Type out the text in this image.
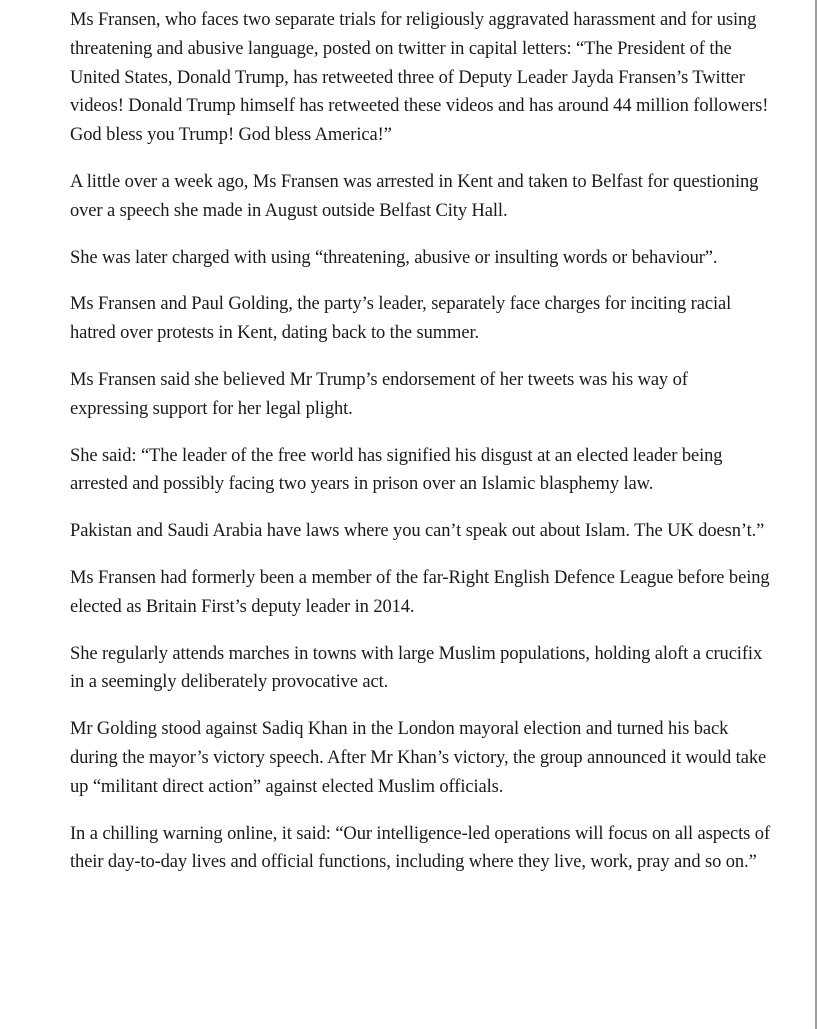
Ms Fransen, who faces two separate trials for religiously aggravated harassment and for using threatening and abusive language, posted on twitter in capital letters: “The President of the United States, Donald Trump, has retweeted three of Deputy Leader Jayda Fransen’s Twitter videos! Donald Trump himself has retweeted these videos and has around 44 million followers! God bless you Trump! God bless America!”

A little over a week ago, Ms Fransen was arrested in Kent and taken to Belfast for questioning over a speech she made in August outside Belfast City Hall.

She was later charged with using “threatening, abusive or insulting words or behaviour”.

Ms Fransen and Paul Golding, the party’s leader, separately face charges for inciting racial hatred over protests in Kent, dating back to the summer.

Ms Fransen said she believed Mr Trump’s endorsement of her tweets was his way of expressing support for her legal plight.

She said: “The leader of the free world has signified his disgust at an elected leader being arrested and possibly facing two years in prison over an Islamic blasphemy law.

Pakistan and Saudi Arabia have laws where you can’t speak out about Islam. The UK doesn’t.”

Ms Fransen had formerly been a member of the far-Right English Defence League before being elected as Britain First’s deputy leader in 2014.

She regularly attends marches in towns with large Muslim populations, holding aloft a crucifix in a seemingly deliberately provocative act.

Mr Golding stood against Sadiq Khan in the London mayoral election and turned his back during the mayor’s victory speech. After Mr Khan’s victory, the group announced it would take up “militant direct action” against elected Muslim officials.

In a chilling warning online, it said: “Our intelligence-led operations will focus on all aspects of their day-to-day lives and official functions, including where they live, work, pray and so on.”
